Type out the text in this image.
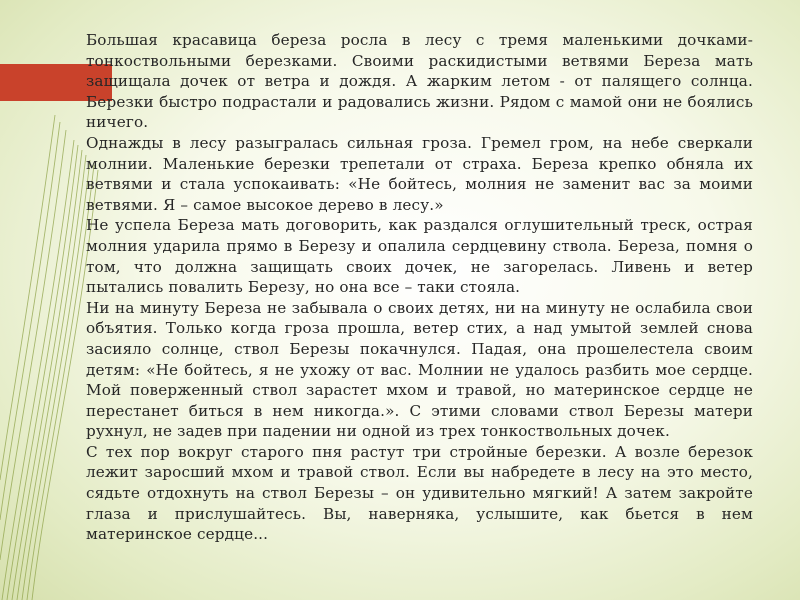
Большая красавица береза росла в лесу с тремя маленькими дочками-тонкоствольными березками. Своими раскидистыми ветвями Береза мать защищала дочек от ветра и дождя. А жарким летом - от палящего солнца. Березки быстро подрастали и радовались жизни. Рядом с мамой они не боялись ничего.

Однажды в лесу разыгралась сильная гроза. Гремел гром, на небе сверкали молнии. Маленькие березки трепетали от страха. Береза крепко обняла их ветвями и стала успокаивать: «Не бойтесь, молния не заменит вас за моими ветвями. Я – самое высокое дерево в лесу.»

Не успела Береза мать договорить, как раздался оглушительный треск, острая молния ударила прямо в Березу и опалила сердцевину ствола. Береза, помня о том, что должна защищать своих дочек, не загорелась. Ливень и ветер пытались повалить Березу, но она все – таки стояла.

Ни на минуту Береза не забывала о своих детях, ни на минуту не ослабила свои объятия. Только когда гроза прошла, ветер стих, а над умытой землей снова засияло солнце, ствол Березы покачнулся. Падая, она прошелестела своим детям: «Не бойтесь, я не ухожу от вас. Молнии не удалось разбить мое сердце. Мой поверженный ствол зарастет мхом и травой, но материнское сердце не перестанет биться в нем никогда.». С этими словами ствол Березы матери рухнул, не задев при падении ни одной из трех тонкоствольных дочек.

С тех пор вокруг старого пня растут три стройные березки. А возле березок лежит заросший мхом и травой ствол. Если вы набредете в лесу на это место, сядьте отдохнуть на ствол Березы – он удивительно мягкий! А затем закройте глаза и прислушайтесь. Вы, наверняка, услышите, как бьется в нем материнское сердце...
